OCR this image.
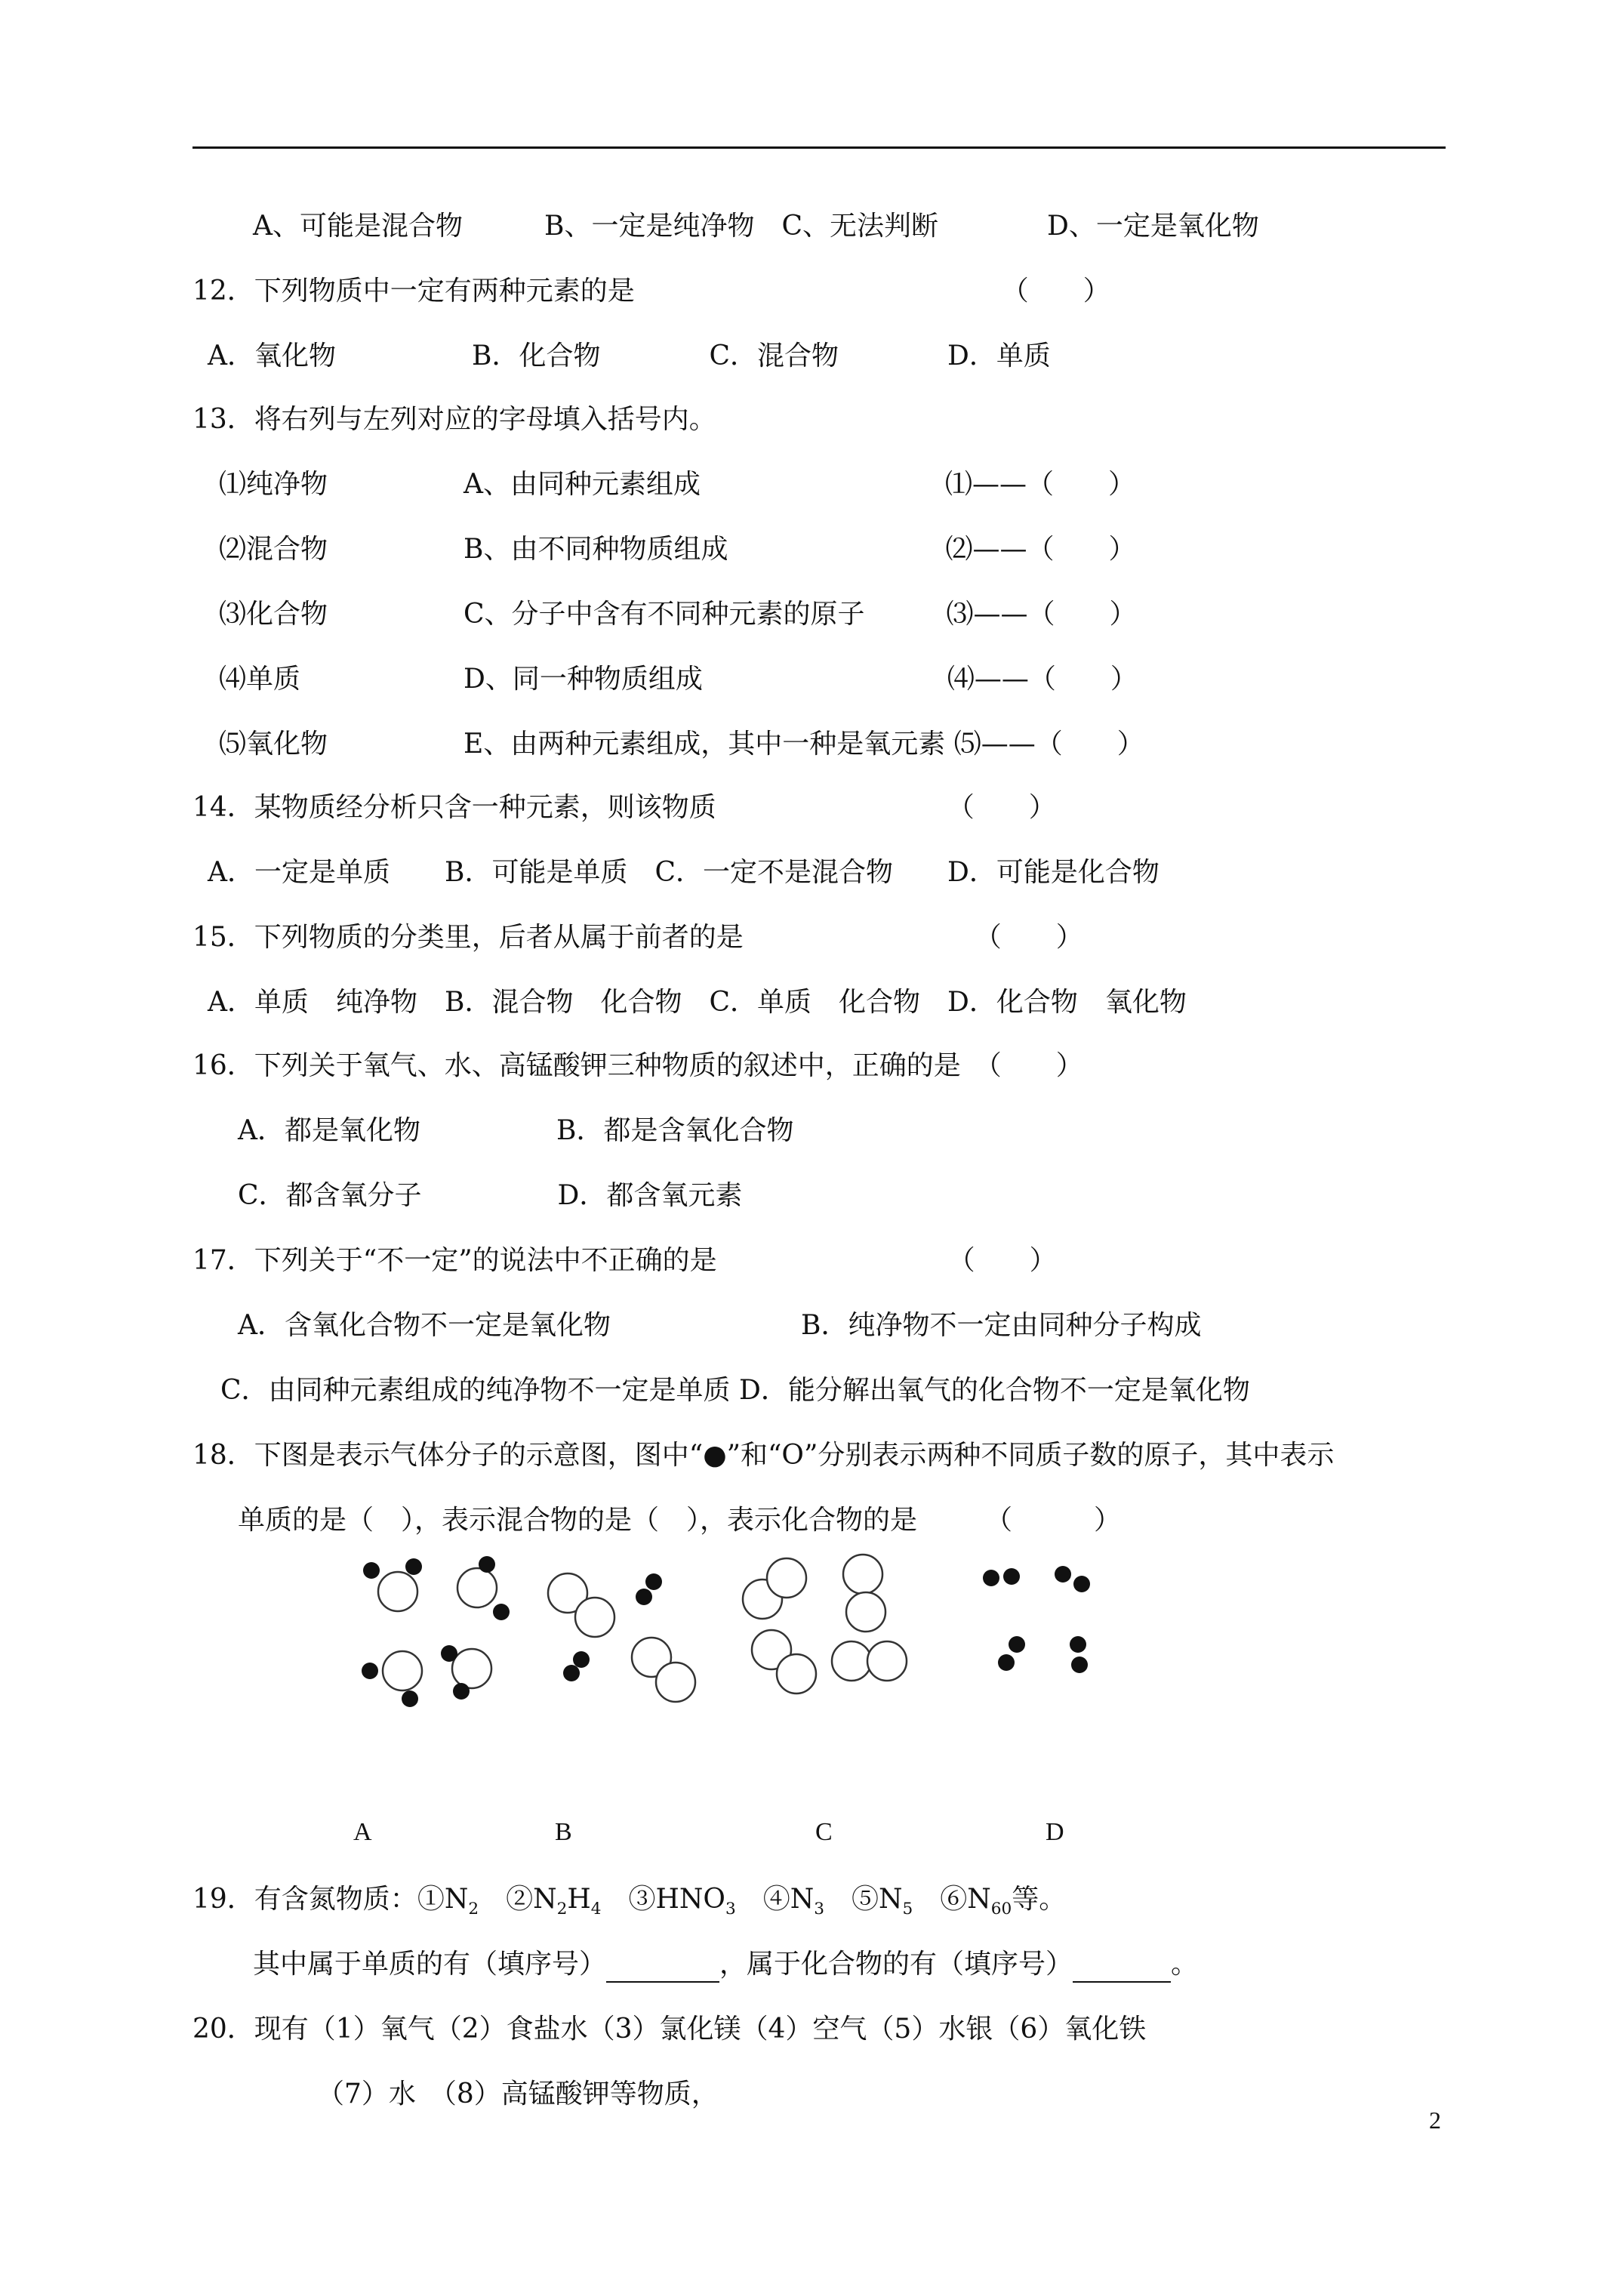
A、可能是混合物　　　B、一定是纯净物　C、无法判断　　　　D、一定是氧化物
12．下列物质中一定有两种元素的是　　　　　　　　　　　　　　（　　）
A．氧化物　　　　　B．化合物　　　　C．混合物　　　　D．单质
13．将右列与左列对应的字母填入括号内。
⑴纯净物　　　　　A、由同种元素组成　　　　　　　　　⑴——（　　）
⑵混合物　　　　　B、由不同种物质组成　　　　　　　　⑵——（　　）
⑶化合物　　　　　C、分子中含有不同种元素的原子　　　⑶——（　　）
⑷单质　　　　　　D、同一种物质组成　　　　　　　　　⑷——（　　）
⑸氧化物　　　　　E、由两种元素组成，其中一种是氧元素 ⑸——（　　）
14．某物质经分析只含一种元素，则该物质　　　　　　　　　（　　）
A．一定是单质　　B．可能是单质　C．一定不是混合物　　D．可能是化合物
15．下列物质的分类里，后者从属于前者的是　　　　　　　　　（　　）
A．单质　纯净物　B．混合物　化合物　C．单质　化合物　D．化合物　氧化物
16．下列关于氧气、水、高锰酸钾三种物质的叙述中，正确的是　（　　）
A．都是氧化物　　　　　B．都是含氧化合物
C．都含氧分子　　　　　D．都含氧元素
17．下列关于“不一定”的说法中不正确的是　　　　　　　　　（　　）
A．含氧化合物不一定是氧化物　　　　　　　B．纯净物不一定由同种分子构成
C．由同种元素组成的纯净物不一定是单质 D．能分解出氧气的化合物不一定是氧化物
18．下图是表示气体分子的示意图，图中“●”和“O”分别表示两种不同质子数的原子，其中表示
单质的是（　），表示混合物的是（　），表示化合物的是　　　（　　　）
A	B	C	D
19．有含氮物质：$①N_2$　 $②N_2H_4$　 $③HNO_3$　 $④N_3$　 $⑤N_5$　 $⑥N_{60}$等。
其中属于单质的有（填序号）	，属于化合物的有（填序号）	。
20．现有（1）氧气（2）食盐水（3）氯化镁（4）空气（5）水银（6）氧化铁
（7）水　（8）高锰酸钾等物质，
2
